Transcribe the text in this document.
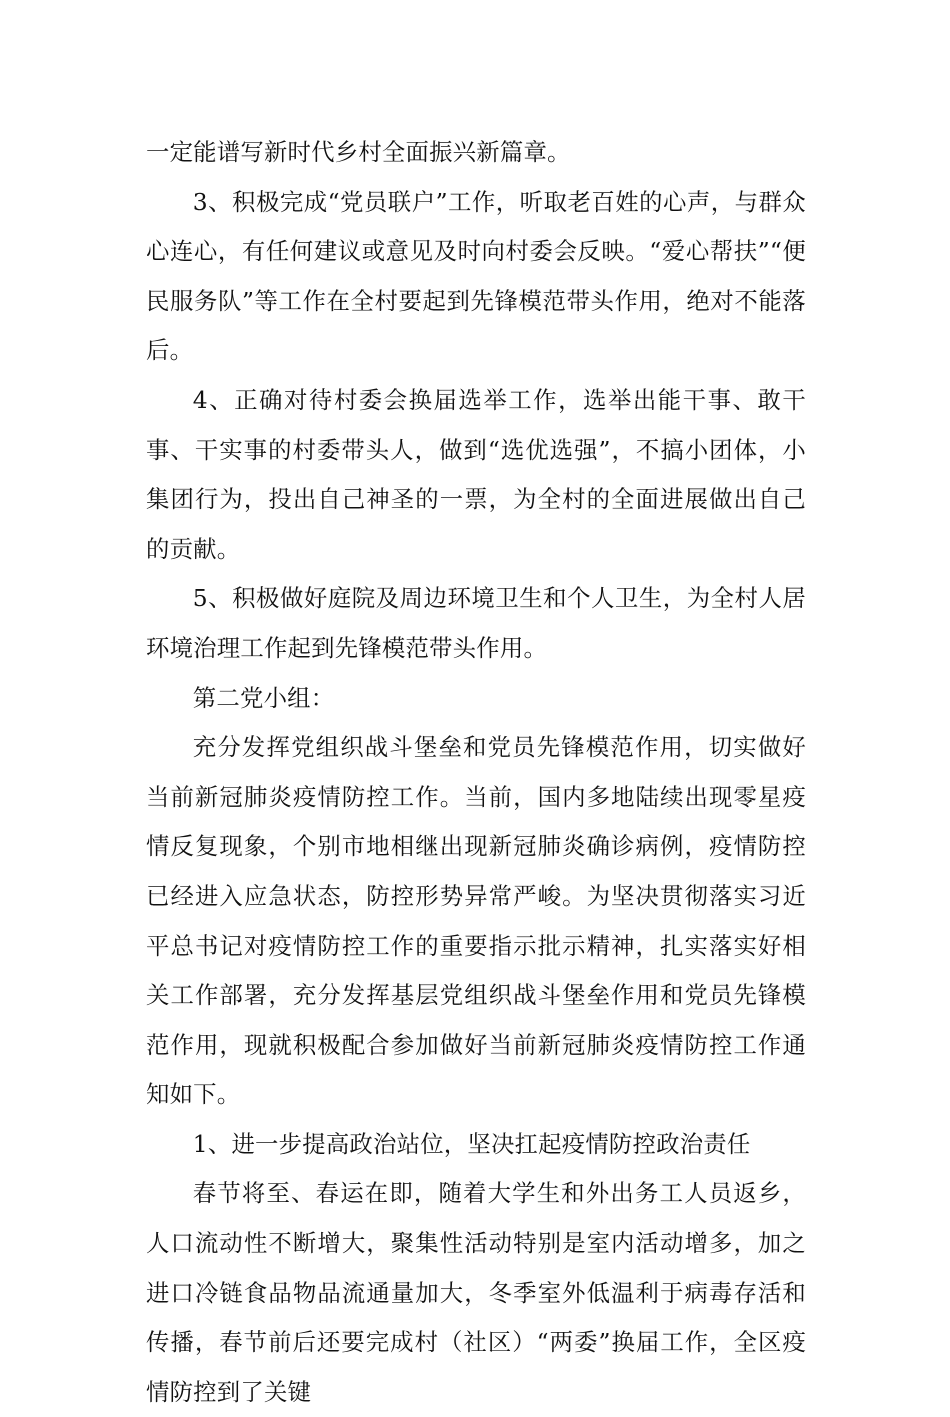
一定能谱写新时代乡村全面振兴新篇章。

3、积极完成“党员联户”工作，听取老百姓的心声，与群众心连心，有任何建议或意见及时向村委会反映。“爱心帮扶”“便民服务队”等工作在全村要起到先锋模范带头作用，绝对不能落后。

4、正确对待村委会换届选举工作，选举出能干事、敢干事、干实事的村委带头人，做到“选优选强”，不搞小团体，小集团行为，投出自己神圣的一票，为全村的全面进展做出自己的贡献。

5、积极做好庭院及周边环境卫生和个人卫生，为全村人居环境治理工作起到先锋模范带头作用。

第二党小组：

充分发挥党组织战斗堡垒和党员先锋模范作用，切实做好当前新冠肺炎疫情防控工作。当前，国内多地陆续出现零星疫情反复现象，个别市地相继出现新冠肺炎确诊病例，疫情防控已经进入应急状态，防控形势异常严峻。为坚决贯彻落实习近平总书记对疫情防控工作的重要指示批示精神，扎实落实好相关工作部署，充分发挥基层党组织战斗堡垒作用和党员先锋模范作用，现就积极配合参加做好当前新冠肺炎疫情防控工作通知如下。

1、进一步提高政治站位，坚决扛起疫情防控政治责任

春节将至、春运在即，随着大学生和外出务工人员返乡，人口流动性不断增大，聚集性活动特别是室内活动增多，加之进口冷链食品物品流通量加大，冬季室外低温利于病毒存活和传播，春节前后还要完成村（社区）“两委”换届工作，全区疫情防控到了关键
